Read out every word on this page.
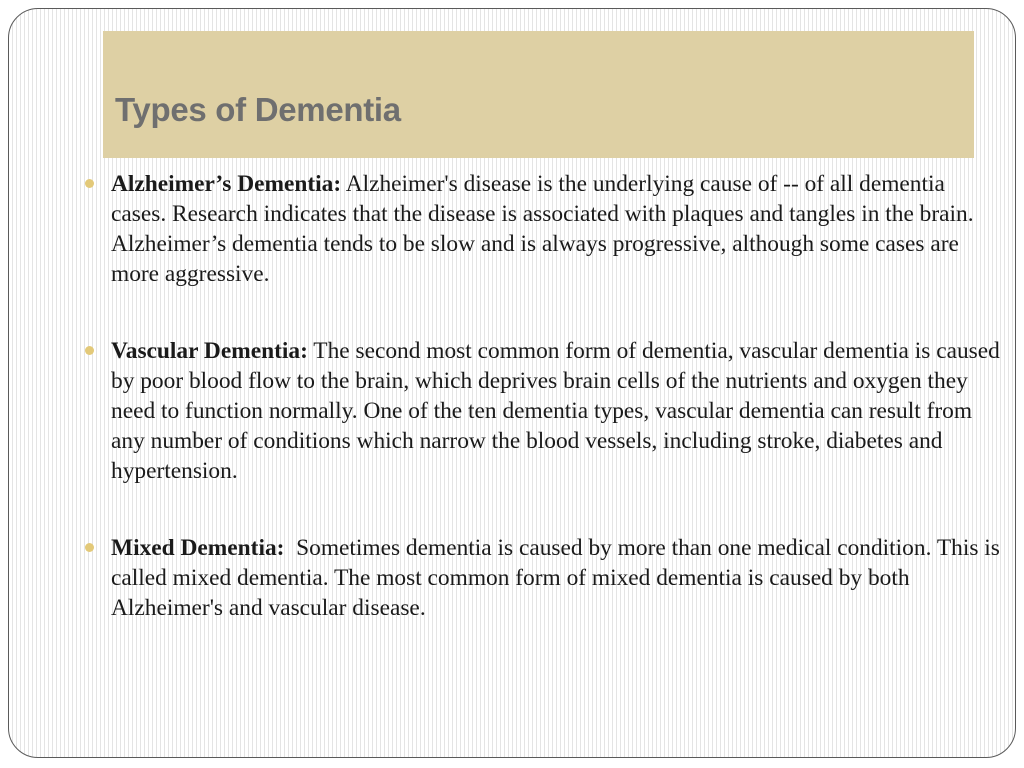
Types of Dementia
Alzheimer’s Dementia: Alzheimer's disease is the underlying cause of -- of all dementia cases. Research indicates that the disease is associated with plaques and tangles in the brain. Alzheimer’s dementia tends to be slow and is always progressive, although some cases are more aggressive.
Vascular Dementia: The second most common form of dementia, vascular dementia is caused by poor blood flow to the brain, which deprives brain cells of the nutrients and oxygen they need to function normally. One of the ten dementia types, vascular dementia can result from any number of conditions which narrow the blood vessels, including stroke, diabetes and hypertension.
Mixed Dementia:  Sometimes dementia is caused by more than one medical condition. This is called mixed dementia. The most common form of mixed dementia is caused by both Alzheimer's and vascular disease.
